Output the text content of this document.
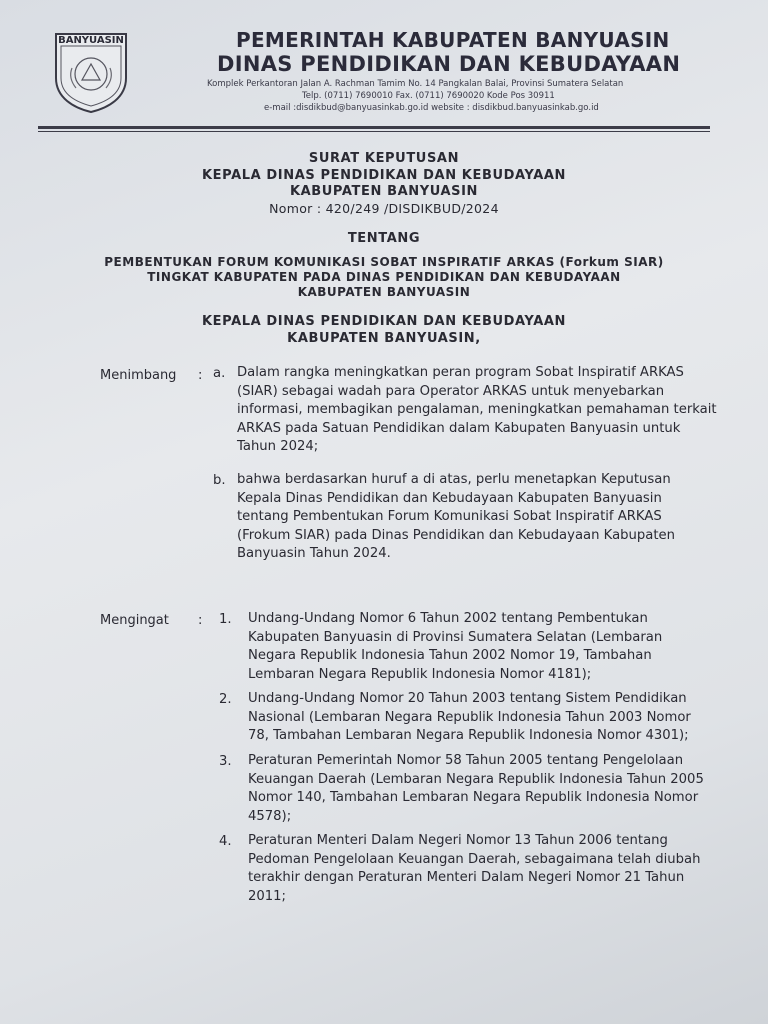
BANYUASIN	PEMERINTAH KABUPATEN BANYUASIN
DINAS PENDIDIKAN DAN KEBUDAYAAN
Komplek Perkantoran Jalan A. Rachman Tamim No. 14 Pangkalan Balai, Provinsi Sumatera Selatan
Telp. (0711) 7690010 Fax. (0711) 7690020 Kode Pos 30911
e-mail :disdikbud@banyuasinkab.go.id website : disdikbud.banyuasinkab.go.id
SURAT KEPUTUSAN
KEPALA DINAS PENDIDIKAN DAN KEBUDAYAAN
KABUPATEN BANYUASIN
Nomor : 420/249 /DISDIKBUD/2024
TENTANG
PEMBENTUKAN FORUM KOMUNIKASI SOBAT INSPIRATIF ARKAS (Forkum SIAR)
TINGKAT KABUPATEN PADA DINAS PENDIDIKAN DAN KEBUDAYAAN
KABUPATEN BANYUASIN
KEPALA DINAS PENDIDIKAN DAN KEBUDAYAAN
KABUPATEN BANYUASIN,
Menimbang : a. Dalam rangka meningkatkan peran program Sobat Inspiratif ARKAS
(SIAR) sebagai wadah para Operator ARKAS untuk menyebarkan
informasi, membagikan pengalaman, meningkatkan pemahaman terkait
ARKAS pada Satuan Pendidikan dalam Kabupaten Banyuasin untuk
Tahun 2024;
b. bahwa berdasarkan huruf a di atas, perlu menetapkan Keputusan
Kepala Dinas Pendidikan dan Kebudayaan Kabupaten Banyuasin
tentang Pembentukan Forum Komunikasi Sobat Inspiratif ARKAS
(Frokum SIAR) pada Dinas Pendidikan dan Kebudayaan Kabupaten
Banyuasin Tahun 2024.
Mengingat : 1. Undang-Undang Nomor 6 Tahun 2002 tentang Pembentukan
Kabupaten Banyuasin di Provinsi Sumatera Selatan (Lembaran
Negara Republik Indonesia Tahun 2002 Nomor 19, Tambahan
Lembaran Negara Republik Indonesia Nomor 4181);
2. Undang-Undang Nomor 20 Tahun 2003 tentang Sistem Pendidikan
Nasional (Lembaran Negara Republik Indonesia Tahun 2003 Nomor
78, Tambahan Lembaran Negara Republik Indonesia Nomor 4301);
3. Peraturan Pemerintah Nomor 58 Tahun 2005 tentang Pengelolaan
Keuangan Daerah (Lembaran Negara Republik Indonesia Tahun 2005
Nomor 140, Tambahan Lembaran Negara Republik Indonesia Nomor
4578);
4. Peraturan Menteri Dalam Negeri Nomor 13 Tahun 2006 tentang
Pedoman Pengelolaan Keuangan Daerah, sebagaimana telah diubah
terakhir dengan Peraturan Menteri Dalam Negeri Nomor 21 Tahun
2011;
